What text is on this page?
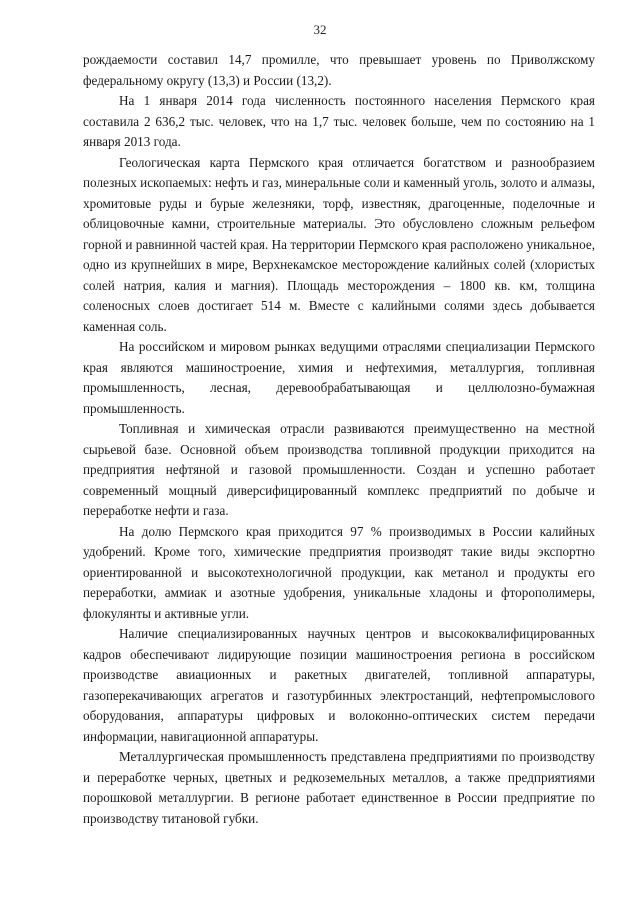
32

рождаемости составил 14,7 промилле, что превышает уровень по Приволжскому федеральному округу (13,3) и России (13,2).

На 1 января 2014 года численность постоянного населения Пермского края составила 2 636,2 тыс. человек, что на 1,7 тыс. человек больше, чем по состоянию на 1 января 2013 года.

Геологическая карта Пермского края отличается богатством и разнообразием полезных ископаемых: нефть и газ, минеральные соли и каменный уголь, золото и алмазы, хромитовые руды и бурые железняки, торф, известняк, драгоценные, поделочные и облицовочные камни, строительные материалы. Это обусловлено сложным рельефом горной и равнинной частей края. На территории Пермского края расположено уникальное, одно из крупнейших в мире, Верхнекамское месторождение калийных солей (хлористых солей натрия, калия и магния). Площадь месторождения – 1800 кв. км, толщина соленосных слоев достигает 514 м. Вместе с калийными солями здесь добывается каменная соль.

На российском и мировом рынках ведущими отраслями специализации Пермского края являются машиностроение, химия и нефтехимия, металлургия, топливная промышленность, лесная, деревообрабатывающая и целлюлозно-бумажная промышленность.

Топливная и химическая отрасли развиваются преимущественно на местной сырьевой базе. Основной объем производства топливной продукции приходится на предприятия нефтяной и газовой промышленности. Создан и успешно работает современный мощный диверсифицированный комплекс предприятий по добыче и переработке нефти и газа.

На долю Пермского края приходится 97 % производимых в России калийных удобрений. Кроме того, химические предприятия производят такие виды экспортно ориентированной и высокотехнологичной продукции, как метанол и продукты его переработки, аммиак и азотные удобрения, уникальные хладоны и фторополимеры, флокулянты и активные угли.

Наличие специализированных научных центров и высококвалифицированных кадров обеспечивают лидирующие позиции машиностроения региона в российском производстве авиационных и ракетных двигателей, топливной аппаратуры, газоперекачивающих агрегатов и газотурбинных электростанций, нефтепромыслового оборудования, аппаратуры цифровых и волоконно-оптических систем передачи информации, навигационной аппаратуры.

Металлургическая промышленность представлена предприятиями по производству и переработке черных, цветных и редкоземельных металлов, а также предприятиями порошковой металлургии. В регионе работает единственное в России предприятие по производству титановой губки.
